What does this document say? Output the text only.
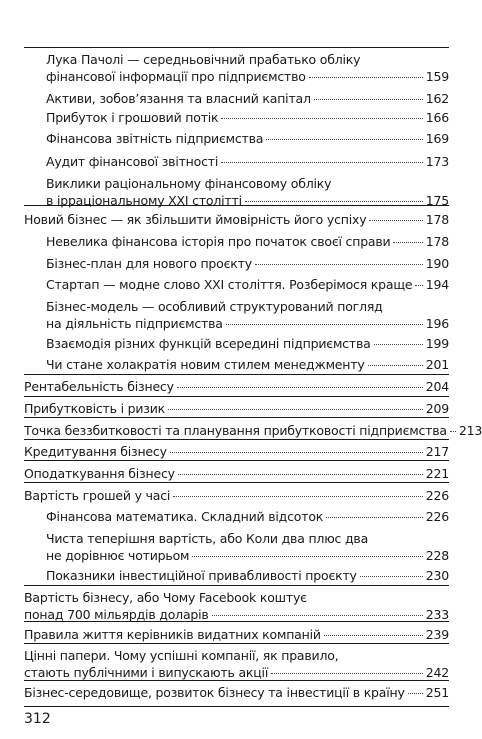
Лука Пачолі — середньовічний прабатько обліку
фінансової інформації про підприємство	159
Активи, зобов’язання та власний капітал	162
Прибуток і грошовий потік	166
Фінансова звітність підприємства	169
Аудит фінансової звітності	173
Виклики раціональному фінансовому обліку
в ірраціональному XXI столітті	175
Новий бізнес — як збільшити ймовірність його успіху	178
Невелика фінансова історія про початок своєї справи	178
Бізнес-план для нового проєкту	190
Стартап — модне слово XXI століття. Розберімося краще 194
Бізнес-модель — особливий структурований погляд
на діяльність підприємства	196
Взаємодія різних функцій всередині підприємства	199
Чи стане холакратія новим стилем менеджменту	201
Рентабельність бізнесу	204
Прибутковість і ризик	209
Точка беззбитковості та планування прибутковості підприємства 213
Кредитування бізнесу	217
Оподаткування бізнесу	221
Вартість грошей у часі	226
Фінансова математика. Складний відсоток	226
Чиста теперішня вартість, або Коли два плюс два
не дорівнює чотирьом	228
Показники інвестиційної привабливості проєкту	230
Вартість бізнесу, або Чому Facebook коштує
понад 700 мільярдів доларів	233
Правила життя керівників видатних компаній	239
Цінні папери. Чому успішні компанії, як правило,
стають публічними і випускають акції	242
Бізнес-середовище, розвиток бізнесу та інвестиції в країну 251
312
